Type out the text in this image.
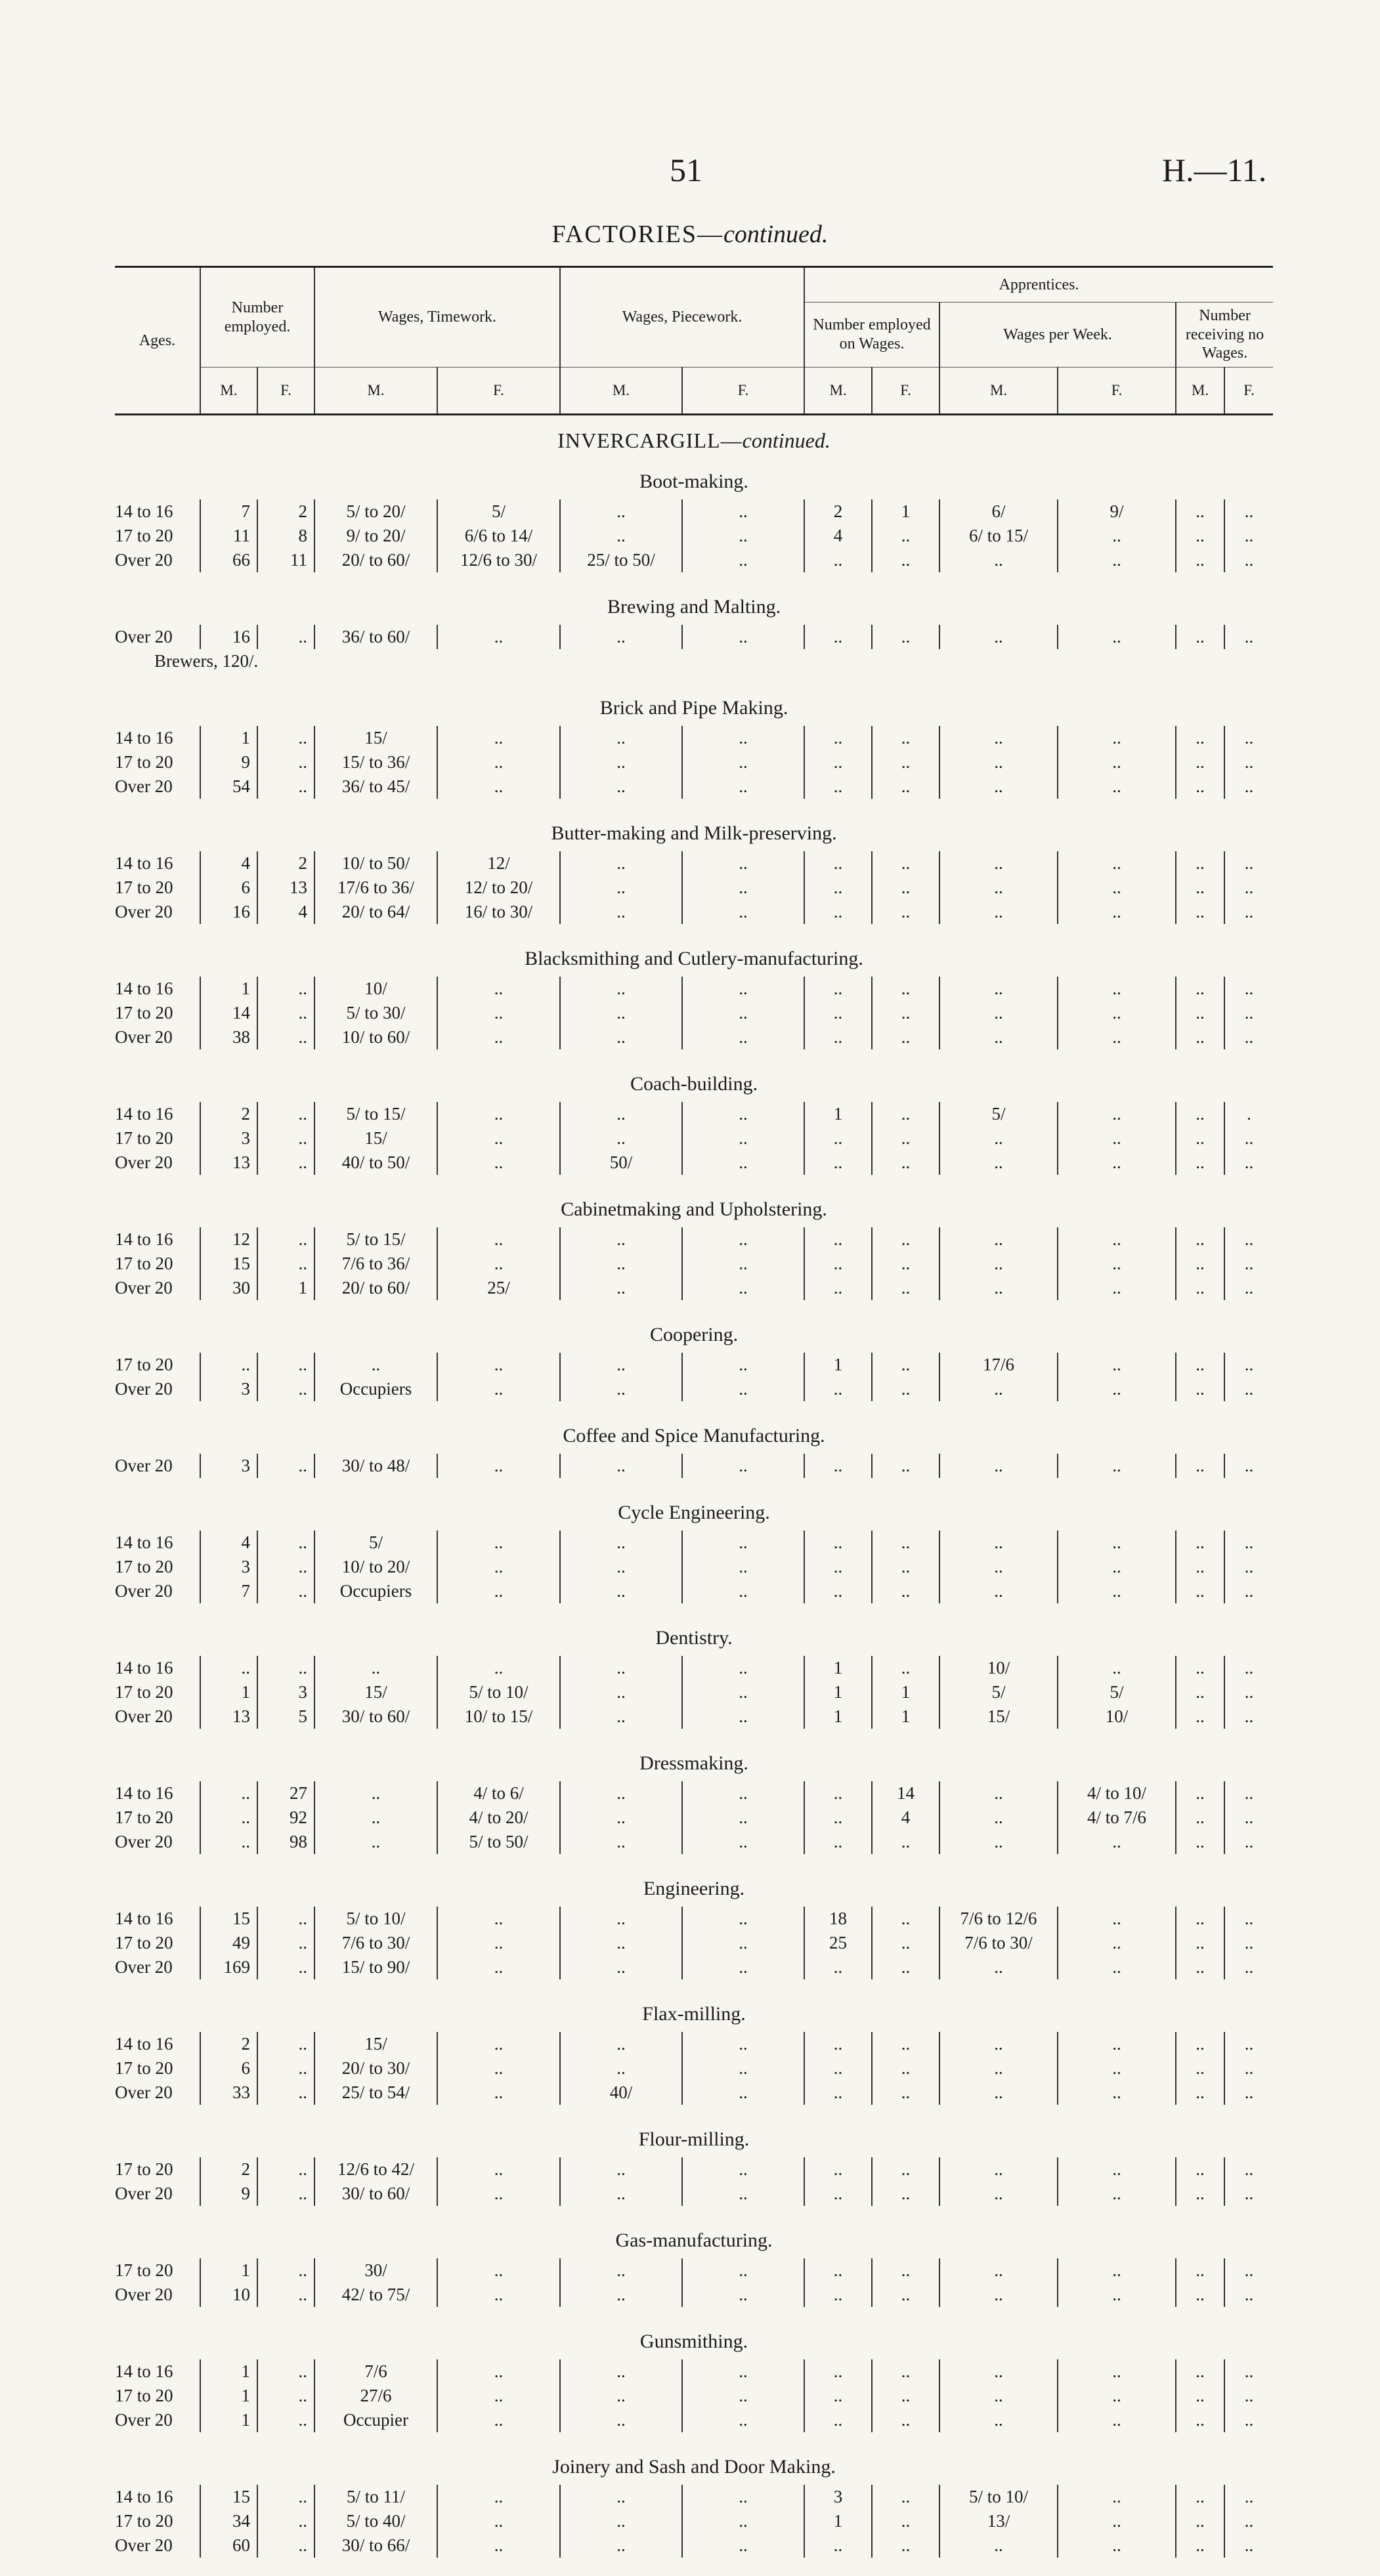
51	H.—11.
FACTORIES—continued.
Ages.	Number employed.		Wages, Timework.		Wages, Piecework.		Apprentices.					
							Number employed on Wages.		Wages per Week.		Number receiving no Wages.	
	M.	F.	M.	F.	M.	F.	M.	F.	M.	F.	M.	F.
INVERCARGILL—continued.												
Boot-making.												
14 to 16	7	2	5/ to 20/	5/	..	..	2	1	6/	9/	..	..
17 to 20	11	8	9/ to 20/	6/6 to 14/	..	..	4	..	6/ to 15/	..	..	..
Over 20	66	11	20/ to 60/	12/6 to 30/	25/ to 50/	..	..	..	..	..	..	..

Brewing and Malting.												
Over 20	16	..	36/ to 60/	..	..	..	..	..	..	..	..	..
Brewers, 120/.												

Brick and Pipe Making.												
14 to 16	1	..	15/	..	..	..	..	..	..	..	..	..
17 to 20	9	..	15/ to 36/	..	..	..	..	..	..	..	..	..
Over 20	54	..	36/ to 45/	..	..	..	..	..	..	..	..	..

Butter-making and Milk-preserving.												
14 to 16	4	2	10/ to 50/	12/	..	..	..	..	..	..	..	..
17 to 20	6	13	17/6 to 36/	12/ to 20/	..	..	..	..	..	..	..	..
Over 20	16	4	20/ to 64/	16/ to 30/	..	..	..	..	..	..	..	..

Blacksmithing and Cutlery-manufacturing.												
14 to 16	1	..	10/	..	..	..	..	..	..	..	..	..
17 to 20	14	..	5/ to 30/	..	..	..	..	..	..	..	..	..
Over 20	38	..	10/ to 60/	..	..	..	..	..	..	..	..	..

Coach-building.												
14 to 16	2	..	5/ to 15/	..	..	..	1	..	5/	..	..	.
17 to 20	3	..	15/	..	..	..	..	..	..	..	..	..
Over 20	13	..	40/ to 50/	..	50/	..	..	..	..	..	..	..

Cabinetmaking and Upholstering.												
14 to 16	12	..	5/ to 15/	..	..	..	..	..	..	..	..	..
17 to 20	15	..	7/6 to 36/	..	..	..	..	..	..	..	..	..
Over 20	30	1	20/ to 60/	25/	..	..	..	..	..	..	..	..

Coopering.												
17 to 20	..	..	..	..	..	..	1	..	17/6	..	..	..
Over 20	3	..	Occupiers	..	..	..	..	..	..	..	..	..

Coffee and Spice Manufacturing.												
Over 20	3	..	30/ to 48/	..	..	..	..	..	..	..	..	..

Cycle Engineering.												
14 to 16	4	..	5/	..	..	..	..	..	..	..	..	..
17 to 20	3	..	10/ to 20/	..	..	..	..	..	..	..	..	..
Over 20	7	..	Occupiers	..	..	..	..	..	..	..	..	..

Dentistry.												
14 to 16	..	..	..	..	..	..	1	..	10/	..	..	..
17 to 20	1	3	15/	5/ to 10/	..	..	1	1	5/	5/	..	..
Over 20	13	5	30/ to 60/	10/ to 15/	..	..	1	1	15/	10/	..	..

Dressmaking.												
14 to 16	..	27	..	4/ to 6/	..	..	..	14	..	4/ to 10/	..	..
17 to 20	..	92	..	4/ to 20/	..	..	..	4	..	4/ to 7/6	..	..
Over 20	..	98	..	5/ to 50/	..	..	..	..	..	..	..	..

Engineering.												
14 to 16	15	..	5/ to 10/	..	..	..	18	..	7/6 to 12/6	..	..	..
17 to 20	49	..	7/6 to 30/	..	..	..	25	..	7/6 to 30/	..	..	..
Over 20	169	..	15/ to 90/	..	..	..	..	..	..	..	..	..

Flax-milling.												
14 to 16	2	..	15/	..	..	..	..	..	..	..	..	..
17 to 20	6	..	20/ to 30/	..	..	..	..	..	..	..	..	..
Over 20	33	..	25/ to 54/	..	40/	..	..	..	..	..	..	..

Flour-milling.												
17 to 20	2	..	12/6 to 42/	..	..	..	..	..	..	..	..	..
Over 20	9	..	30/ to 60/	..	..	..	..	..	..	..	..	..

Gas-manufacturing.												
17 to 20	1	..	30/	..	..	..	..	..	..	..	..	..
Over 20	10	..	42/ to 75/	..	..	..	..	..	..	..	..	..

Gunsmithing.												
14 to 16	1	..	7/6	..	..	..	..	..	..	..	..	..
17 to 20	1	..	27/6	..	..	..	..	..	..	..	..	..
Over 20	1	..	Occupier	..	..	..	..	..	..	..	..	..

Joinery and Sash and Door Making.												
14 to 16	15	..	5/ to 11/	..	..	..	3	..	5/ to 10/	..	..	..
17 to 20	34	..	5/ to 40/	..	..	..	1	..	13/	..	..	..
Over 20	60	..	30/ to 66/	..	..	..	..	..	..	..	..	..
